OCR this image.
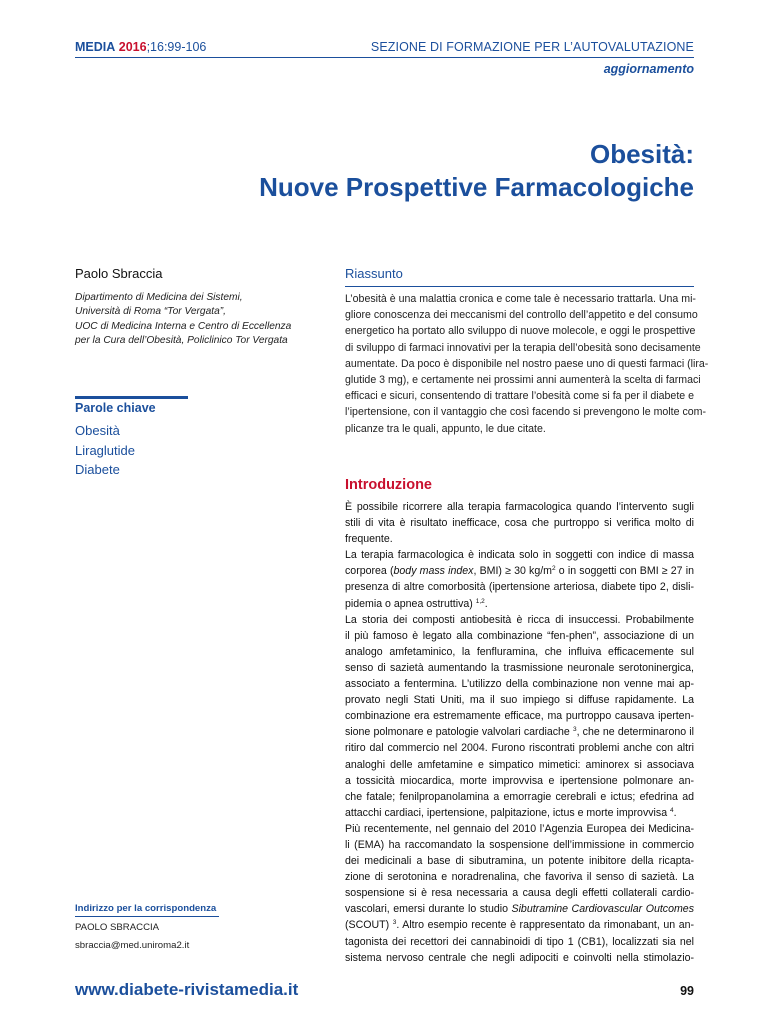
MEDIA 2016;16:99-106	SEZIONE DI FORMAZIONE PER L’AUTOVALUTAZIONE
aggiornamento
Obesità:
Nuove Prospettive Farmacologiche
Paolo Sbraccia
Dipartimento di Medicina dei Sistemi,
Università di Roma “Tor Vergata”,
UOC di Medicina Interna e Centro di Eccellenza
per la Cura dell’Obesità, Policlinico Tor Vergata
Parole chiave
Obesità
Liraglutide
Diabete
Riassunto
L’obesità è una malattia cronica e come tale è necessario trattarla. Una mi-
gliore conoscenza dei meccanismi del controllo dell’appetito e del consumo
energetico ha portato allo sviluppo di nuove molecole, e oggi le prospettive
di sviluppo di farmaci innovativi per la terapia dell’obesità sono decisamente
aumentate. Da poco è disponibile nel nostro paese uno di questi farmaci (lira-
glutide 3 mg), e certamente nei prossimi anni aumenterà la scelta di farmaci
efficaci e sicuri, consentendo di trattare l’obesità come si fa per il diabete e
l’ipertensione, con il vantaggio che così facendo si prevengono le molte com-
plicanze tra le quali, appunto, le due citate.
Introduzione
È possibile ricorrere alla terapia farmacologica quando l’intervento sugli
stili di vita è risultato inefficace, cosa che purtroppo si verifica molto di
frequente.
La terapia farmacologica è indicata solo in soggetti con indice di massa
corporea (body mass index, BMI) ≥ 30 $kg/m^2$ o in soggetti con BMI ≥ 27 in
presenza di altre comorbosità (ipertensione arteriosa, diabete tipo 2, disli-
pidemia o apnea ostruttiva) $^{1,2}$.
La storia dei composti antiobesità è ricca di insuccessi. Probabilmente
il più famoso è legato alla combinazione “fen-phen”, associazione di un
analogo amfetaminico, la fenfluramina, che influiva efficacemente sul
senso di sazietà aumentando la trasmissione neuronale serotoninergica,
associato a fentermina. L’utilizzo della combinazione non venne mai ap-
provato negli Stati Uniti, ma il suo impiego si diffuse rapidamente. La
combinazione era estremamente efficace, ma purtroppo causava iperten-
sione polmonare e patologie valvolari cardiache $^3$, che ne determinarono il
ritiro dal commercio nel 2004. Furono riscontrati problemi anche con altri
analoghi delle amfetamine e simpatico mimetici: aminorex si associava
a tossicità miocardica, morte improvvisa e ipertensione polmonare an-
che fatale; fenilpropanolamina a emorragie cerebrali e ictus; efedrina ad
attacchi cardiaci, ipertensione, palpitazione, ictus e morte improvvisa $^4$.
Più recentemente, nel gennaio del 2010 l’Agenzia Europea dei Medicina-
li (EMA) ha raccomandato la sospensione dell’immissione in commercio
dei medicinali a base di sibutramina, un potente inibitore della ricapta-
zione di serotonina e noradrenalina, che favoriva il senso di sazietà. La
sospensione si è resa necessaria a causa degli effetti collaterali cardio-
vascolari, emersi durante lo studio Sibutramine Cardiovascular Outcomes
(SCOUT) $^3$. Altro esempio recente è rappresentato da rimonabant, un an-
tagonista dei recettori dei cannabinoidi di tipo 1 (CB1), localizzati sia nel
sistema nervoso centrale che negli adipociti e coinvolti nella stimolazio-
Indirizzo per la corrispondenza
PAOLO SBRACCIA
sbraccia@med.uniroma2.it
www.diabete-rivistamedia.it	99
